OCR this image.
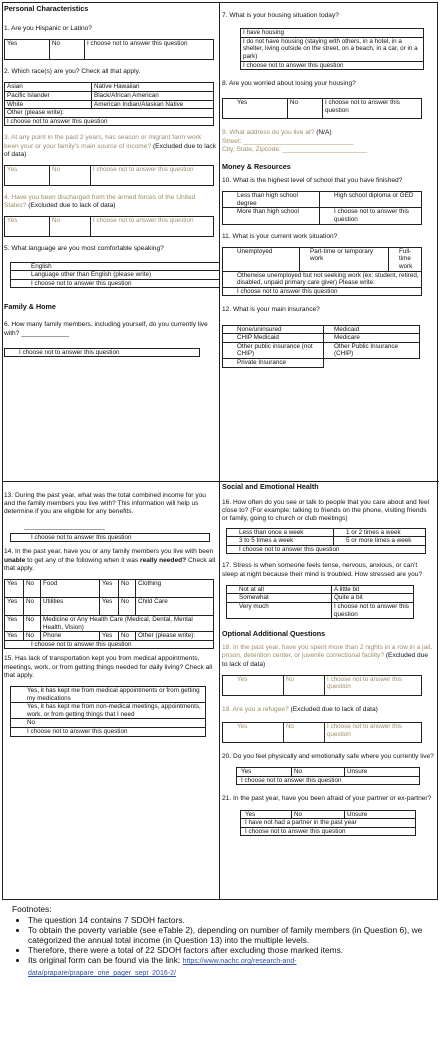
Personal Characteristics

1. Are you Hispanic or Latino?

Yes	No	I choose not to answer this question

2. Which race(s) are you? Check all that apply.

Asian	Native Hawaiian
Pacific Islander	Black/African American
White	American Indian/Alaskan Native
Other (please write):	
I choose not to answer this question	

3. At any point in the past 2 years, has season or migrant farm work been your or your family's main source of income? (Excluded due to lack of data)

Yes	No	I choose not to answer this question

4. Have you been discharged from the armed forces of the United States? (Excluded due to lack of data)

Yes	No	I choose not to answer this question

5. What language are you most comfortable speaking?

English
Language other than English (please write)
I choose not to answer this question
Family & Home

6. How many family members, including yourself, do you currently live with? _____________

I choose not to answer this question

7. What is your housing situation today?

I have housing
I do not have housing (staying with others, in a hotel, in a shelter, living outside on the street, on a beach, in a car, or in a park)
I choose not to answer this question

8. Are you worried about losing your housing?

Yes	No	I choose not to answer this question

9. What address do you live at? (N/A)

Street: ______________________________

City, State, Zipcode: _______________________

Money & Resources

10. What is the highest level of school that you have finished?

Less than high school degree	High school diploma or GED
More than high school	I choose not to answer this question

11. What is your current work situation?

Unemployed	Part-time or temporary work	Full-time work
Otherwise unemployed but not seeking work (ex: student, retired, disabled, unpaid primary care giver) Please write:
I choose not to answer this question

12. What is your main insurance?

None/uninsured	Medicaid
CHIP Medicaid	Medicare
Other public insurance (not CHIP)	Other Public Insurance (CHIP)
Private Insurance	

13. During the past year, what was the total combined income for you and the family members you live with? This information will help us determine if you are eligible for any benefits.

______________________

I choose not to answer this question

14. In the past year, have you or any family members you live with been unable to get any of the following when it was really needed? Check all that apply.

Yes	No	Food	Yes	No	Clothing
Yes	No	Utilities	Yes	No	Child Care
Yes	No	Medicine or Any Health Care (Medical, Dental, Mental Health, Vision)			
Yes	No	Phone	Yes	No	Other (please write):
I choose not to answer this question					

15. Has lack of transportation kept you from medical appointments, meetings, work, or from getting things needed for daily living? Check all that apply.

Yes, it has kept me from medical appointments or from getting my medications
Yes, it has kept me from non-medical meetings, appointments, work, or from getting things that I need
No
I choose not to answer this question
Social and Emotional Health

16. How often do you see or talk to people that you care about and feel close to? (For example: talking to friends on the phone, visiting friends or family, going to church or club meetings)

Less than once a week	1 or 2 times a week
3 to 5 times a week	5 or more times a week
I choose not to answer this question	

17. Stress is when someone feels tense, nervous, anxious, or can't sleep at night because their mind is troubled. How stressed are you?

Not at all	A little bit
Somewhat	Quite a bit
Very much	I choose not to answer this question
Optional Additional Questions

18. In the past year, have you spent more than 2 nights in a row in a jail, prison, detention center, or juvenile correctional facility? (Excluded due to lack of data)

Yes	No	I choose not to answer this question

19. Are you a refugee? (Excluded due to lack of data)

Yes	No	I choose not to answer this question

20. Do you feel physically and emotionally safe where you currently live?

Yes	No	Unsure
I choose not to answer this question

21. In the past year, have you been afraid of your partner or ex-partner?

Yes	No	Unsure
I have not had a partner in the past year
I choose not to answer this question
Footnotes:
• The question 14 contains 7 SDOH factors.
• To obtain the poverty variable (see eTable 2), depending on number of family members (in Question 6), we categorized the annual total income (in Question 13) into the multiple levels.
• Therefore, there were a total of 22 SDOH factors after excluding those marked items.
• Its original form can be found via the link: https://www.nachc.org/research-and-data/prapare/prapare_one_pager_sept_2016-2/
